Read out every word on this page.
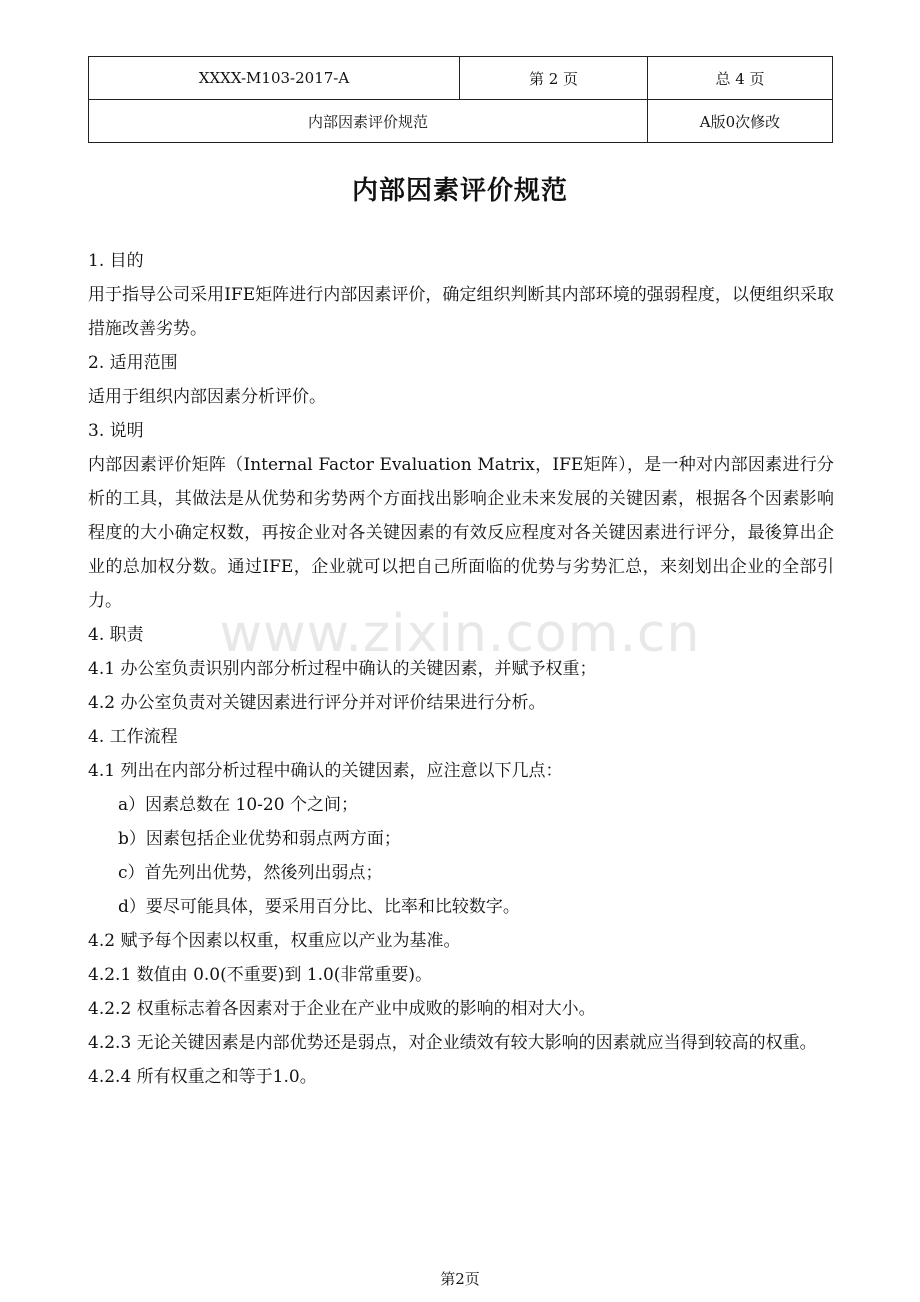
XXXX-M103-2017-A	第 2 页	总 4 页
内部因素评价规范		A版0次修改
内部因素评价规范

1. 目的

用于指导公司采用IFE矩阵进行内部因素评价，确定组织判断其内部环境的强弱程度，以便组织采取措施改善劣势。

2. 适用范围

适用于组织内部因素分析评价。

3. 说明

内部因素评价矩阵（Internal Factor Evaluation Matrix，IFE矩阵），是一种对内部因素进行分析的工具，其做法是从优势和劣势两个方面找出影响企业未来发展的关键因素，根据各个因素影响程度的大小确定权数，再按企业对各关键因素的有效反应程度对各关键因素进行评分，最後算出企业的总加权分数。通过IFE，企业就可以把自己所面临的优势与劣势汇总，来刻划出企业的全部引力。

4. 职责

4.1 办公室负责识别内部分析过程中确认的关键因素，并赋予权重；

4.2 办公室负责对关键因素进行评分并对评价结果进行分析。

4. 工作流程

4.1 列出在内部分析过程中确认的关键因素，应注意以下几点：

a）因素总数在 10-20 个之间；

b）因素包括企业优势和弱点两方面；

c）首先列出优势，然後列出弱点；

d）要尽可能具体，要采用百分比、比率和比较数字。

4.2 赋予每个因素以权重，权重应以产业为基准。

4.2.1 数值由 0.0(不重要)到 1.0(非常重要)。

4.2.2 权重标志着各因素对于企业在产业中成败的影响的相对大小。

4.2.3 无论关键因素是内部优势还是弱点，对企业绩效有较大影响的因素就应当得到较高的权重。

4.2.4 所有权重之和等于1.0。

www.zixin.com.cn
第2页
